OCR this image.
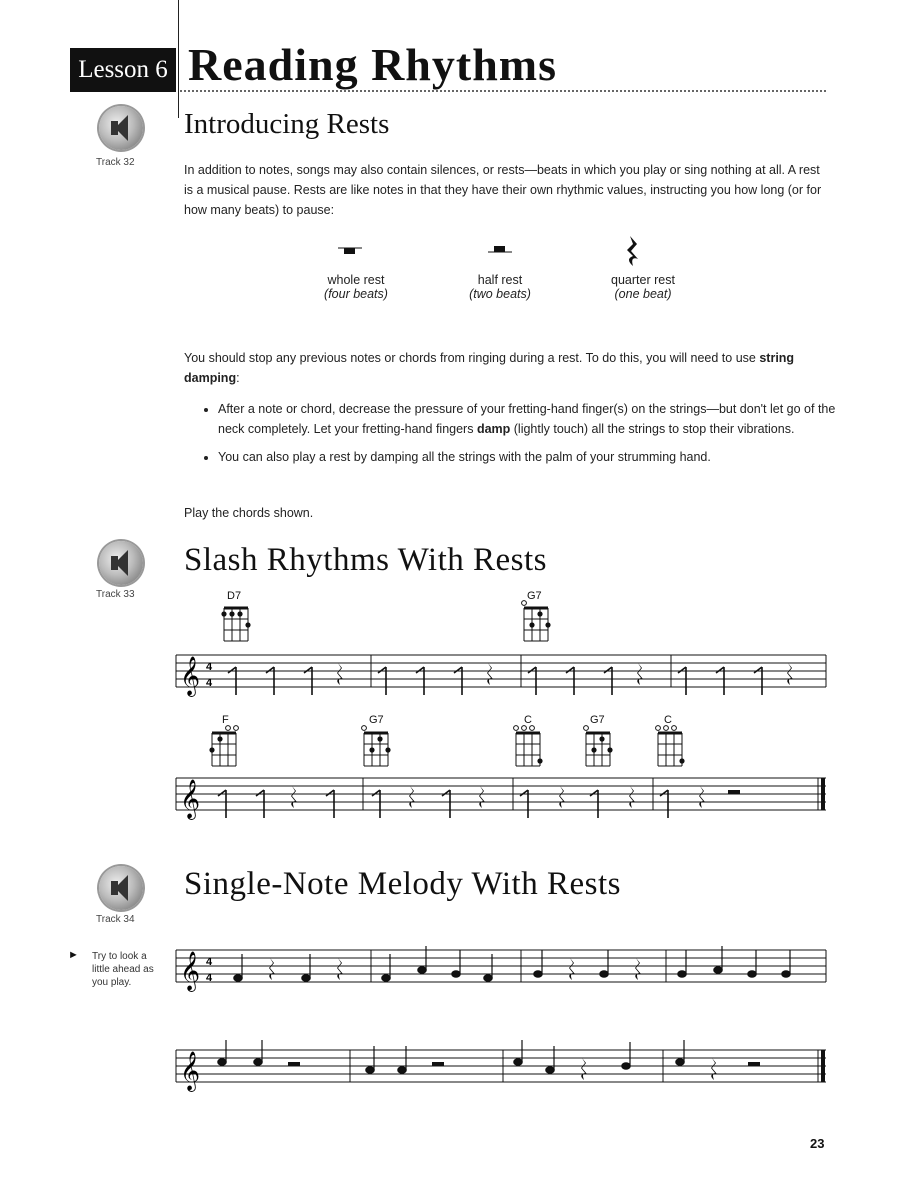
Lesson 6 Reading Rhythms
Track 32
Introducing Rests
In addition to notes, songs may also contain silences, or rests—beats in which you play or sing nothing at all. A rest is a musical pause. Rests are like notes in that they have their own rhythmic values, instructing you how long (or for how many beats) to pause:
whole rest
(four beats)
half rest
(two beats)
quarter rest
(one beat)
You should stop any previous notes or chords from ringing during a rest. To do this, you will need to use string damping:
• After a note or chord, decrease the pressure of your fretting-hand finger(s) on the strings—but don't let go of the neck completely. Let your fretting-hand fingers damp (lightly touch) all the strings to stop their vibrations.
• You can also play a rest by damping all the strings with the palm of your strumming hand.
Play the chords shown.
Track 33
Slash Rhythms With Rests
D7	G7
F	G7	C	G7	C
𝄞 4
4
𝄞
Track 34
Single-Note Melody With Rests
► Try to look a little ahead as you play.	𝄞 4
4
𝄞
23
